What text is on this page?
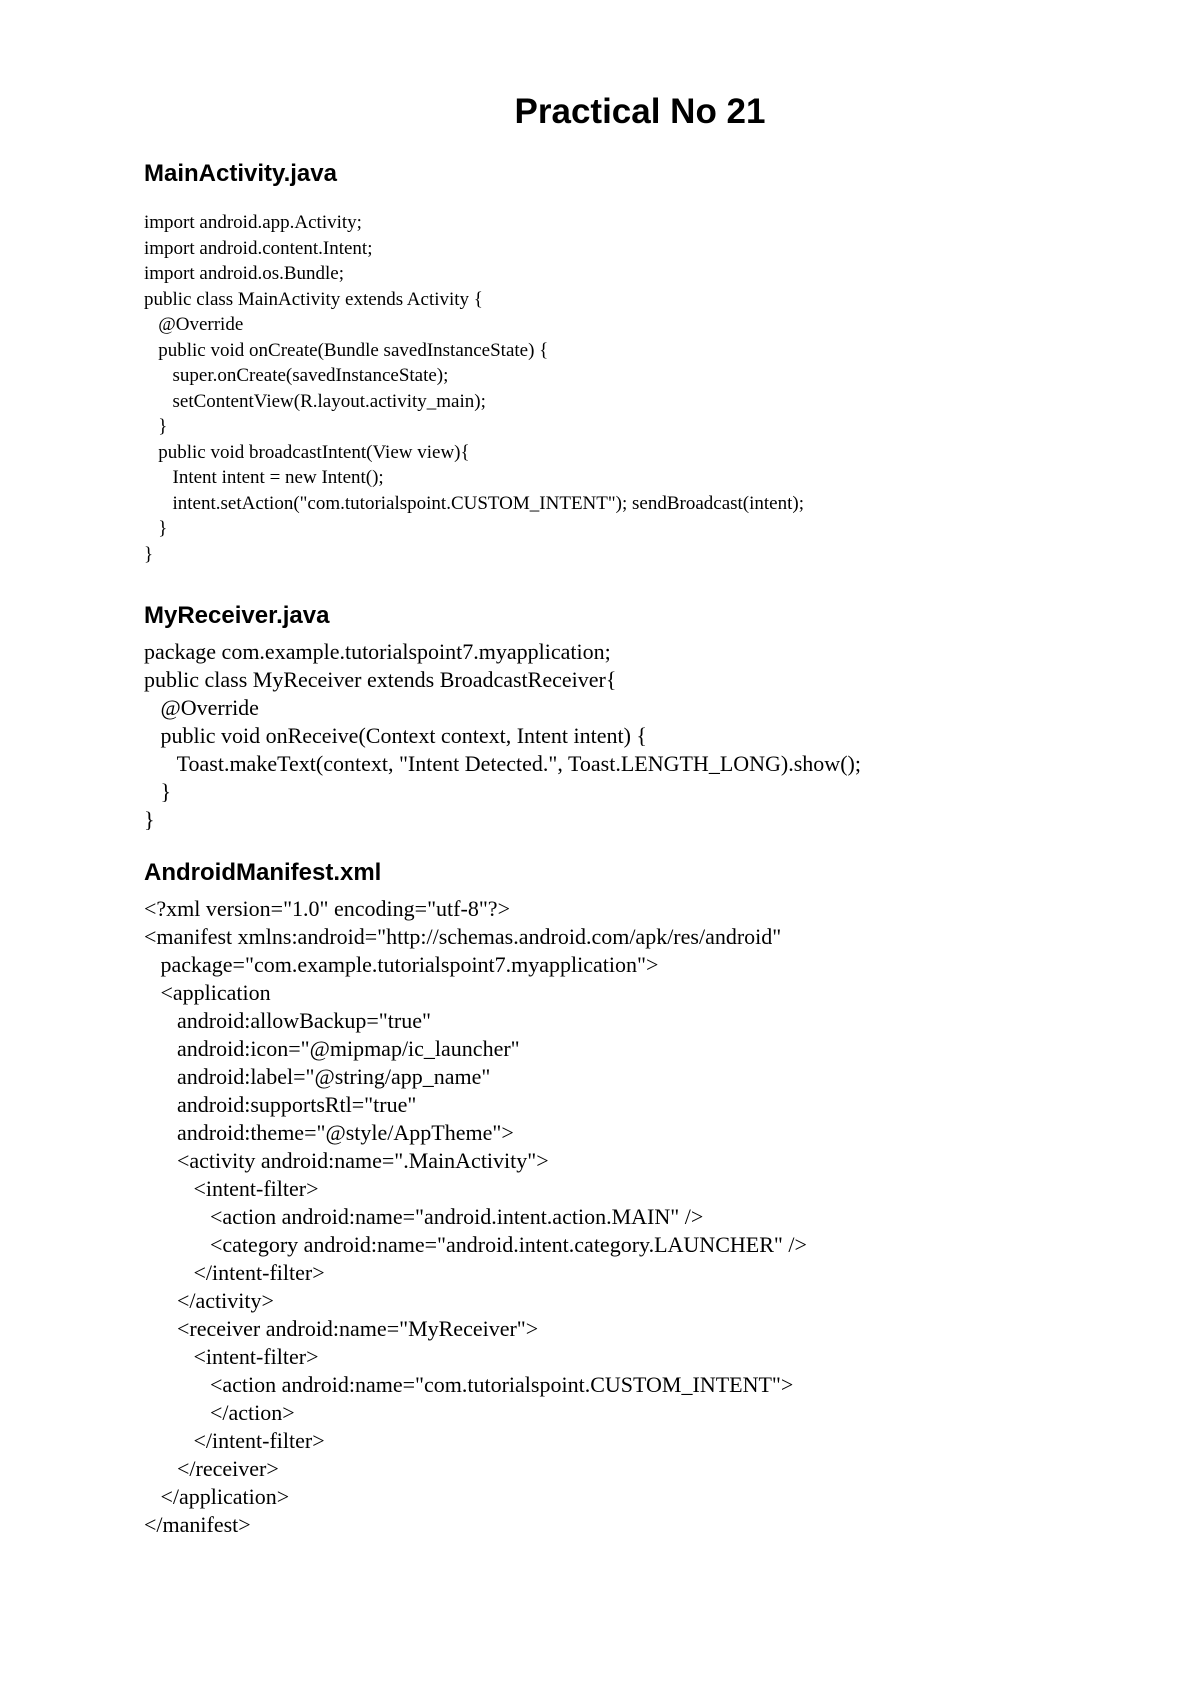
Practical No 21
MainActivity.java
import android.app.Activity;
import android.content.Intent;
import android.os.Bundle;
public class MainActivity extends Activity {
@Override
public void onCreate(Bundle savedInstanceState) {
super.onCreate(savedInstanceState);
setContentView(R.layout.activity_main);
}
public void broadcastIntent(View view){
Intent intent = new Intent();
intent.setAction("com.tutorialspoint.CUSTOM_INTENT"); sendBroadcast(intent);
}
}
MyReceiver.java
package com.example.tutorialspoint7.myapplication;
public class MyReceiver extends BroadcastReceiver{
@Override
public void onReceive(Context context, Intent intent) {
Toast.makeText(context, "Intent Detected.", Toast.LENGTH_LONG).show();
}
}
AndroidManifest.xml
<?xml version="1.0" encoding="utf-8"?>
<manifest xmlns:android="http://schemas.android.com/apk/res/android"
package="com.example.tutorialspoint7.myapplication">
<application
android:allowBackup="true"
android:icon="@mipmap/ic_launcher"
android:label="@string/app_name"
android:supportsRtl="true"
android:theme="@style/AppTheme">
<activity android:name=".MainActivity">
<intent-filter>
<action android:name="android.intent.action.MAIN" />
<category android:name="android.intent.category.LAUNCHER" />
</intent-filter>
</activity>
<receiver android:name="MyReceiver">
<intent-filter>
<action android:name="com.tutorialspoint.CUSTOM_INTENT">
</action>
</intent-filter>
</receiver>
</application>
</manifest>
